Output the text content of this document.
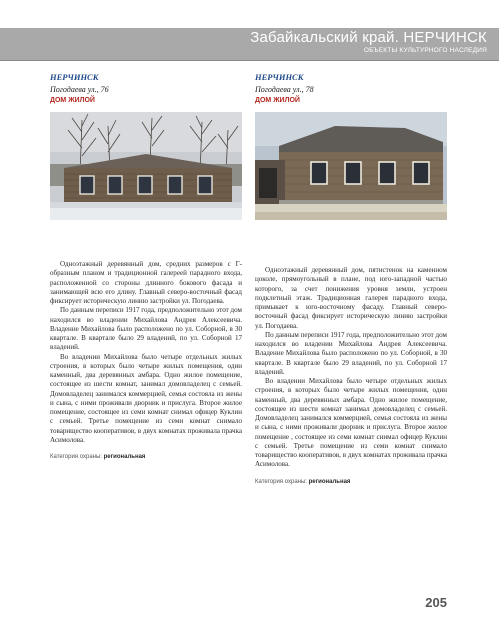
Забайкальский край. НЕРЧИНСК
ОБЪЕКТЫ КУЛЬТУРНОГО НАСЛЕДИЯ
НЕРЧИНСК
Погодаева ул., 76
ДОМ ЖИЛОЙ

Одноэтажный деревянный дом, средних размеров с Г-образным планом и традиционной галереей парадного входа, расположенной со стороны длинного бокового фасада и занимающей всю его длину. Главный северо-восточный фасад фиксирует историческую линию застройки ул. Погодаева.

По данным переписи 1917 года, предположительно этот дом находился во владении Михайлова Андрея Алексеевича. Владение Михайлова было расположено по ул. Соборной, в 30 квартале. В квартале было 29 владений, по ул. Соборной 17 владений.

Во владении Михайлова было четыре отдельных жилых строения, в которых было четыре жилых помещения, один каменный, два деревянных амбара. Одно жилое помещение, состоящее из шести комнат, занимал домовладелец с семьей. Домовладелец занимался коммерцией, семья состояла из жены и сына, с ними проживали дворник и прислуга. Второе жилое помещение, состоящее из семи комнат снимал офицер Куклин с семьей. Третье помещение из семи комнат снимало товарищество кооперативов, в двух комнатах проживала прачка Асимолова.

Категория охраны: региональная
НЕРЧИНСК
Погодаева ул., 78
ДОМ ЖИЛОЙ

Одноэтажный деревянный дом, пятистенок на каменном цоколе, прямоугольный в плане, под юго-западной частью которого, за счет понижения уровня земли, устроен подклетный этаж. Традиционная галерея парадного входа, примыкает к юго-восточному фасаду. Главный северо-восточный фасад фиксирует историческую линию застройки ул. Погодаева.

По данным переписи 1917 года, предположительно этот дом находился во владении Михайлова Андрея Алексеевича. Владение Михайлова было расположено по ул. Соборной, в 30 квартале. В квартале было 29 владений, по ул. Соборной 17 владений.

Во владении Михайлова было четыре отдельных жилых строения, в которых было четыре жилых помещения, один каменный, два деревянных амбара. Одно жилое помещение, состоящее из шести комнат занимал домовладелец с семьей. Домовладелец занимался коммерцией, семья состояла из жены и сына, с ними проживали дворник и прислуга. Второе жилое помещение , состоящее из семи комнат снимал офицер Куклин с семьей. Третье помещение из семи комнат снимало товарищество кооперативов, в двух комнатах проживала прачка Асимолова.

Категория охраны: региональная
205
